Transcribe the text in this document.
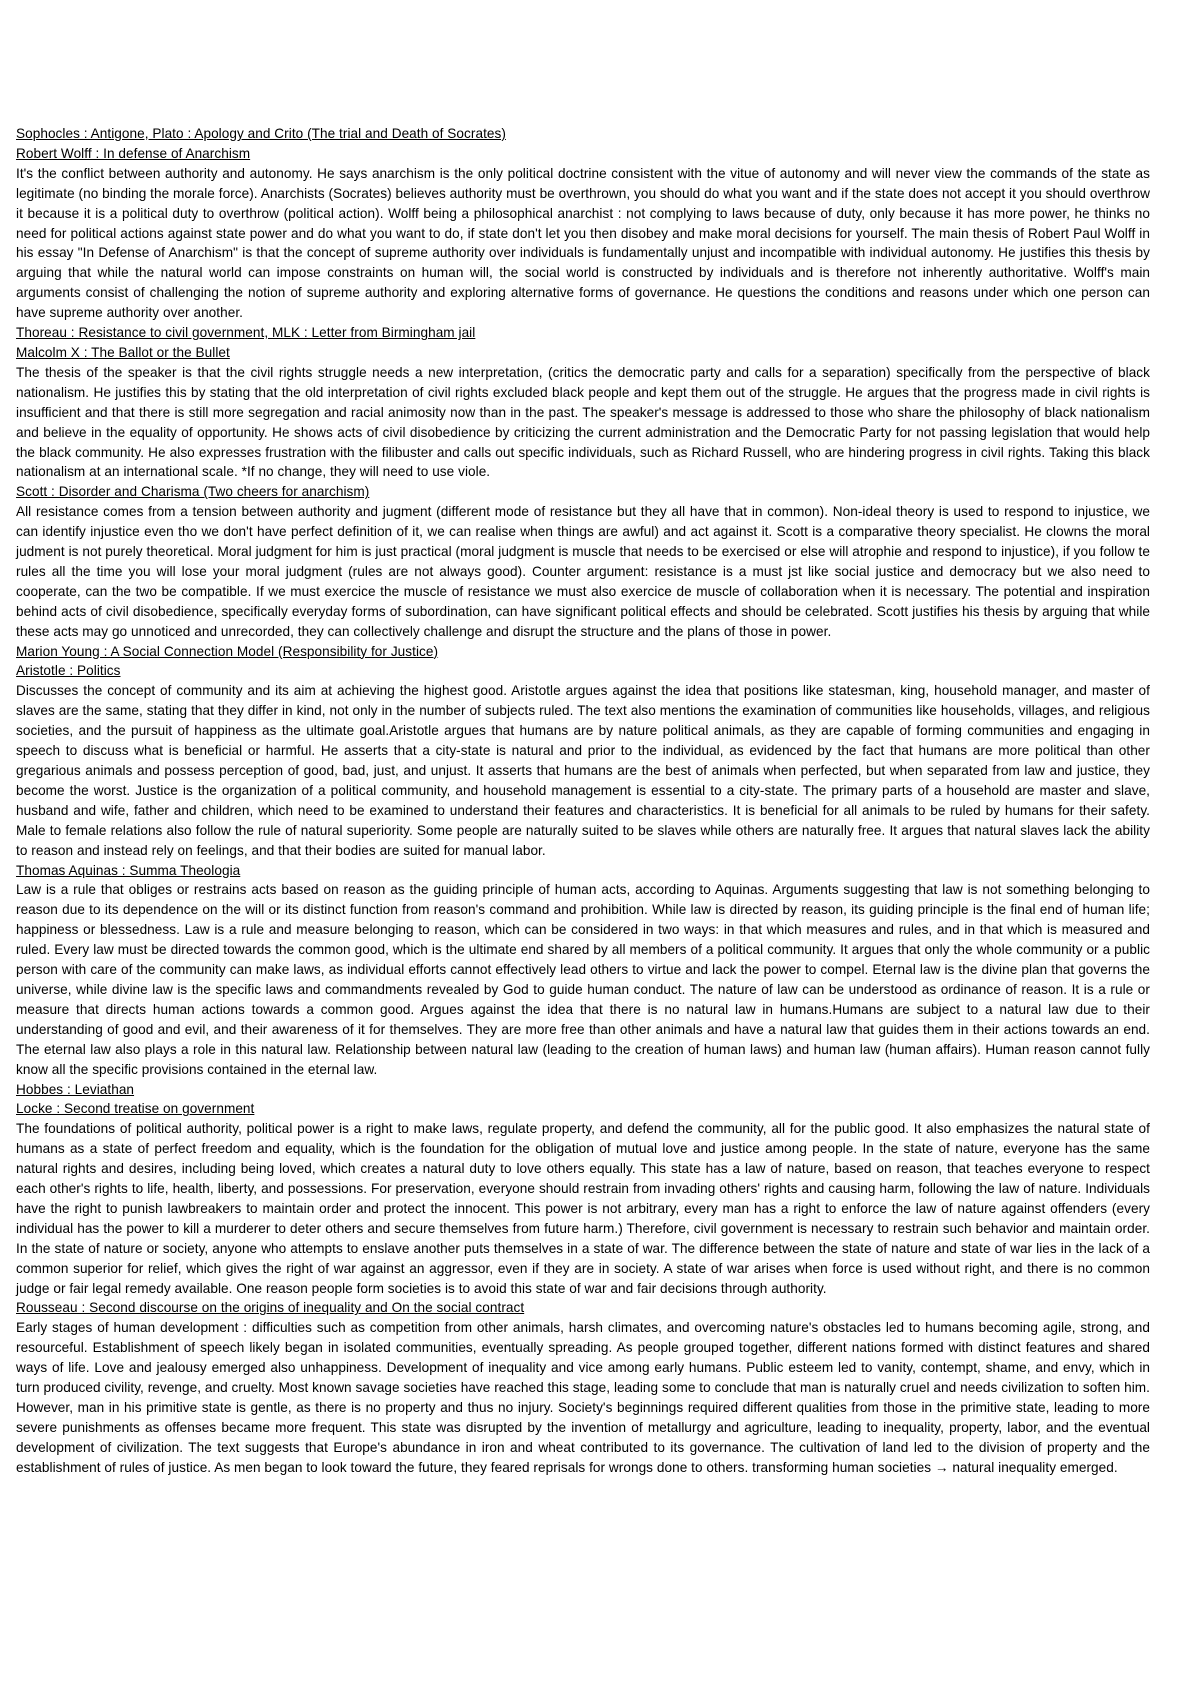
Sophocles : Antigone, Plato : Apology and Crito (The trial and Death of Socrates)
Robert Wolff : In defense of Anarchism

It's the conflict between authority and autonomy. He says anarchism is the only political doctrine consistent with the vitue of autonomy and will never view the commands of the state as legitimate (no binding the morale force). Anarchists (Socrates) believes authority must be overthrown, you should do what you want and if the state does not accept it you should overthrow it because it is a political duty to overthrow (political action). Wolff being a philosophical anarchist : not complying to laws because of duty, only because it has more power, he thinks no need for political actions against state power and do what you want to do, if state don't let you then disobey and make moral decisions for yourself. The main thesis of Robert Paul Wolff in his essay "In Defense of Anarchism" is that the concept of supreme authority over individuals is fundamentally unjust and incompatible with individual autonomy. He justifies this thesis by arguing that while the natural world can impose constraints on human will, the social world is constructed by individuals and is therefore not inherently authoritative. Wolff's main arguments consist of challenging the notion of supreme authority and exploring alternative forms of governance. He questions the conditions and reasons under which one person can have supreme authority over another.

Thoreau : Resistance to civil government, MLK : Letter from Birmingham jail
Malcolm X : The Ballot or the Bullet

The thesis of the speaker is that the civil rights struggle needs a new interpretation, (critics the democratic party and calls for a separation) specifically from the perspective of black nationalism. He justifies this by stating that the old interpretation of civil rights excluded black people and kept them out of the struggle. He argues that the progress made in civil rights is insufficient and that there is still more segregation and racial animosity now than in the past. The speaker's message is addressed to those who share the philosophy of black nationalism and believe in the equality of opportunity. He shows acts of civil disobedience by criticizing the current administration and the Democratic Party for not passing legislation that would help the black community. He also expresses frustration with the filibuster and calls out specific individuals, such as Richard Russell, who are hindering progress in civil rights. Taking this black nationalism at an international scale. *If no change, they will need to use viole.

Scott : Disorder and Charisma (Two cheers for anarchism)

All resistance comes from a tension between authority and jugment (different mode of resistance but they all have that in common). Non-ideal theory is used to respond to injustice, we can identify injustice even tho we don't have perfect definition of it, we can realise when things are awful) and act against it. Scott is a comparative theory specialist. He clowns the moral judment is not purely theoretical. Moral judgment for him is just practical (moral judgment is muscle that needs to be exercised or else will atrophie and respond to injustice), if you follow te rules all the time you will lose your moral judgment (rules are not always good). Counter argument: resistance is a must jst like social justice and democracy but we also need to cooperate, can the two be compatible. If we must exercice the muscle of resistance we must also exercice de muscle of collaboration when it is necessary. The potential and inspiration behind acts of civil disobedience, specifically everyday forms of subordination, can have significant political effects and should be celebrated. Scott justifies his thesis by arguing that while these acts may go unnoticed and unrecorded, they can collectively challenge and disrupt the structure and the plans of those in power.

Marion Young : A Social Connection Model (Responsibility for Justice)
Aristotle : Politics

Discusses the concept of community and its aim at achieving the highest good. Aristotle argues against the idea that positions like statesman, king, household manager, and master of slaves are the same, stating that they differ in kind, not only in the number of subjects ruled. The text also mentions the examination of communities like households, villages, and religious societies, and the pursuit of happiness as the ultimate goal.Aristotle argues that humans are by nature political animals, as they are capable of forming communities and engaging in speech to discuss what is beneficial or harmful. He asserts that a city-state is natural and prior to the individual, as evidenced by the fact that humans are more political than other gregarious animals and possess perception of good, bad, just, and unjust. It asserts that humans are the best of animals when perfected, but when separated from law and justice, they become the worst. Justice is the organization of a political community, and household management is essential to a city-state. The primary parts of a household are master and slave, husband and wife, father and children, which need to be examined to understand their features and characteristics. It is beneficial for all animals to be ruled by humans for their safety. Male to female relations also follow the rule of natural superiority. Some people are naturally suited to be slaves while others are naturally free. It argues that natural slaves lack the ability to reason and instead rely on feelings, and that their bodies are suited for manual labor.

Thomas Aquinas : Summa Theologia

Law is a rule that obliges or restrains acts based on reason as the guiding principle of human acts, according to Aquinas. Arguments suggesting that law is not something belonging to reason due to its dependence on the will or its distinct function from reason's command and prohibition. While law is directed by reason, its guiding principle is the final end of human life; happiness or blessedness. Law is a rule and measure belonging to reason, which can be considered in two ways: in that which measures and rules, and in that which is measured and ruled. Every law must be directed towards the common good, which is the ultimate end shared by all members of a political community. It argues that only the whole community or a public person with care of the community can make laws, as individual efforts cannot effectively lead others to virtue and lack the power to compel. Eternal law is the divine plan that governs the universe, while divine law is the specific laws and commandments revealed by God to guide human conduct. The nature of law can be understood as ordinance of reason. It is a rule or measure that directs human actions towards a common good. Argues against the idea that there is no natural law in humans.Humans are subject to a natural law due to their understanding of good and evil, and their awareness of it for themselves. They are more free than other animals and have a natural law that guides them in their actions towards an end. The eternal law also plays a role in this natural law. Relationship between natural law (leading to the creation of human laws) and human law (human affairs). Human reason cannot fully know all the specific provisions contained in the eternal law.

Hobbes : Leviathan
Locke : Second treatise on government

The foundations of political authority, political power is a right to make laws, regulate property, and defend the community, all for the public good. It also emphasizes the natural state of humans as a state of perfect freedom and equality, which is the foundation for the obligation of mutual love and justice among people. In the state of nature, everyone has the same natural rights and desires, including being loved, which creates a natural duty to love others equally. This state has a law of nature, based on reason, that teaches everyone to respect each other's rights to life, health, liberty, and possessions. For preservation, everyone should restrain from invading others' rights and causing harm, following the law of nature. Individuals have the right to punish lawbreakers to maintain order and protect the innocent. This power is not arbitrary, every man has a right to enforce the law of nature against offenders (every individual has the power to kill a murderer to deter others and secure themselves from future harm.) Therefore, civil government is necessary to restrain such behavior and maintain order. In the state of nature or society, anyone who attempts to enslave another puts themselves in a state of war. The difference between the state of nature and state of war lies in the lack of a common superior for relief, which gives the right of war against an aggressor, even if they are in society. A state of war arises when force is used without right, and there is no common judge or fair legal remedy available. One reason people form societies is to avoid this state of war and fair decisions through authority.

Rousseau : Second discourse on the origins of inequality and On the social contract

Early stages of human development : difficulties such as competition from other animals, harsh climates, and overcoming nature's obstacles led to humans becoming agile, strong, and resourceful. Establishment of speech likely began in isolated communities, eventually spreading. As people grouped together, different nations formed with distinct features and shared ways of life. Love and jealousy emerged also unhappiness. Development of inequality and vice among early humans. Public esteem led to vanity, contempt, shame, and envy, which in turn produced civility, revenge, and cruelty. Most known savage societies have reached this stage, leading some to conclude that man is naturally cruel and needs civilization to soften him. However, man in his primitive state is gentle, as there is no property and thus no injury. Society's beginnings required different qualities from those in the primitive state, leading to more severe punishments as offenses became more frequent. This state was disrupted by the invention of metallurgy and agriculture, leading to inequality, property, labor, and the eventual development of civilization. The text suggests that Europe's abundance in iron and wheat contributed to its governance. The cultivation of land led to the division of property and the establishment of rules of justice. As men began to look toward the future, they feared reprisals for wrongs done to others. transforming human societies → natural inequality emerged.
